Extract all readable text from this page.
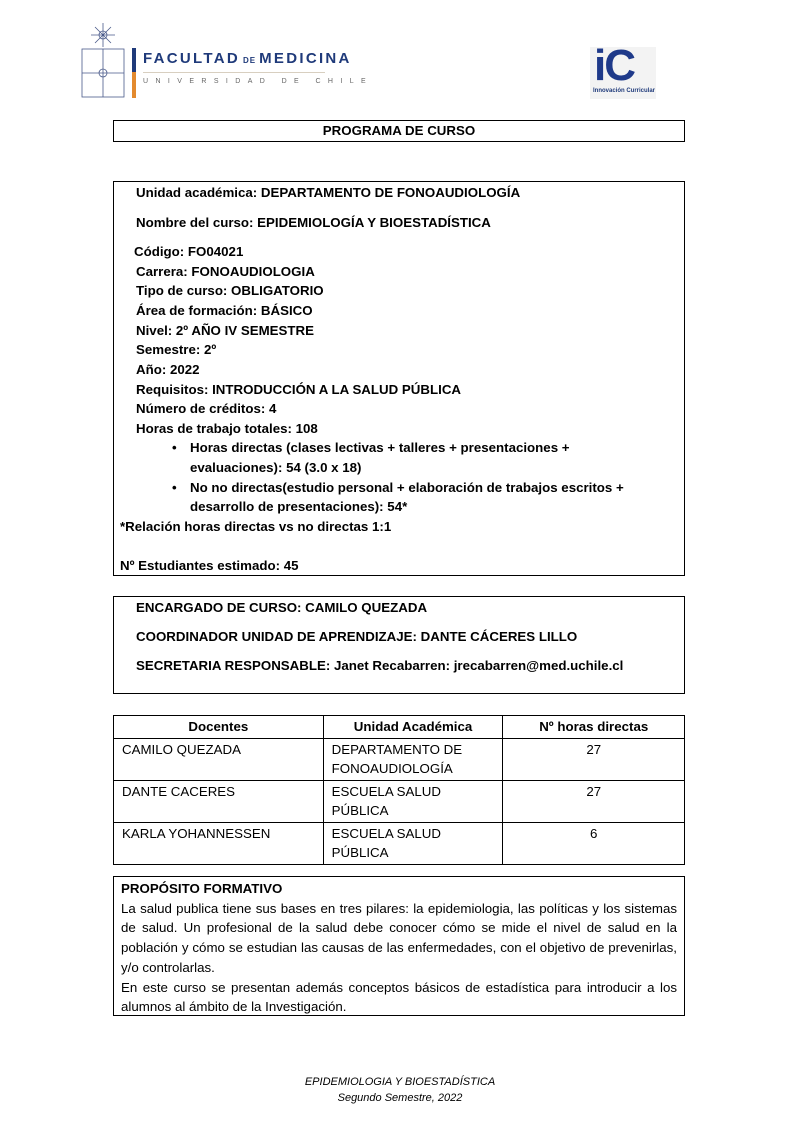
FACULTAD DE MEDICINA
UNIVERSIDAD DE CHILE	iC
Innovación Curricular
PROGRAMA DE CURSO
Unidad académica: DEPARTAMENTO DE FONOAUDIOLOGÍA
Nombre del curso: EPIDEMIOLOGÍA Y BIOESTADÍSTICA
Código: FO04021
Carrera: FONOAUDIOLOGIA
Tipo de curso: OBLIGATORIO
Área de formación: BÁSICO
Nivel: 2º AÑO IV SEMESTRE
Semestre: 2º
Año: 2022
Requisitos: INTRODUCCIÓN A LA SALUD PÚBLICA
Número de créditos: 4
Horas de trabajo totales: 108
• Horas directas (clases lectivas + talleres + presentaciones +
evaluaciones): 54 (3.0 x 18)
• No no directas(estudio personal + elaboración de trabajos escritos +
desarrollo de presentaciones): 54*
*Relación horas directas vs no directas 1:1
Nº Estudiantes estimado: 45
ENCARGADO DE CURSO: CAMILO QUEZADA
COORDINADOR UNIDAD DE APRENDIZAJE: DANTE CÁCERES LILLO
SECRETARIA RESPONSABLE: Janet Recabarren: jrecabarren@med.uchile.cl
Docentes	Unidad Académica	Nº horas directas
CAMILO QUEZADA	DEPARTAMENTO DE FONOAUDIOLOGÍA	27
DANTE CACERES	ESCUELA SALUD PÚBLICA	27
KARLA YOHANNESSEN	ESCUELA SALUD PÚBLICA	6
PROPÓSITO FORMATIVO
La salud publica tiene sus bases en tres pilares: la epidemiologia, las políticas y los sistemas de salud. Un profesional de la salud debe conocer cómo se mide el nivel de salud en la población y cómo se estudian las causas de las enfermedades, con el objetivo de prevenirlas, y/o controlarlas.
En este curso se presentan además conceptos básicos de estadística para introducir a los alumnos al ámbito de la Investigación.
EPIDEMIOLOGIA Y BIOESTADÍSTICA
Segundo Semestre, 2022
